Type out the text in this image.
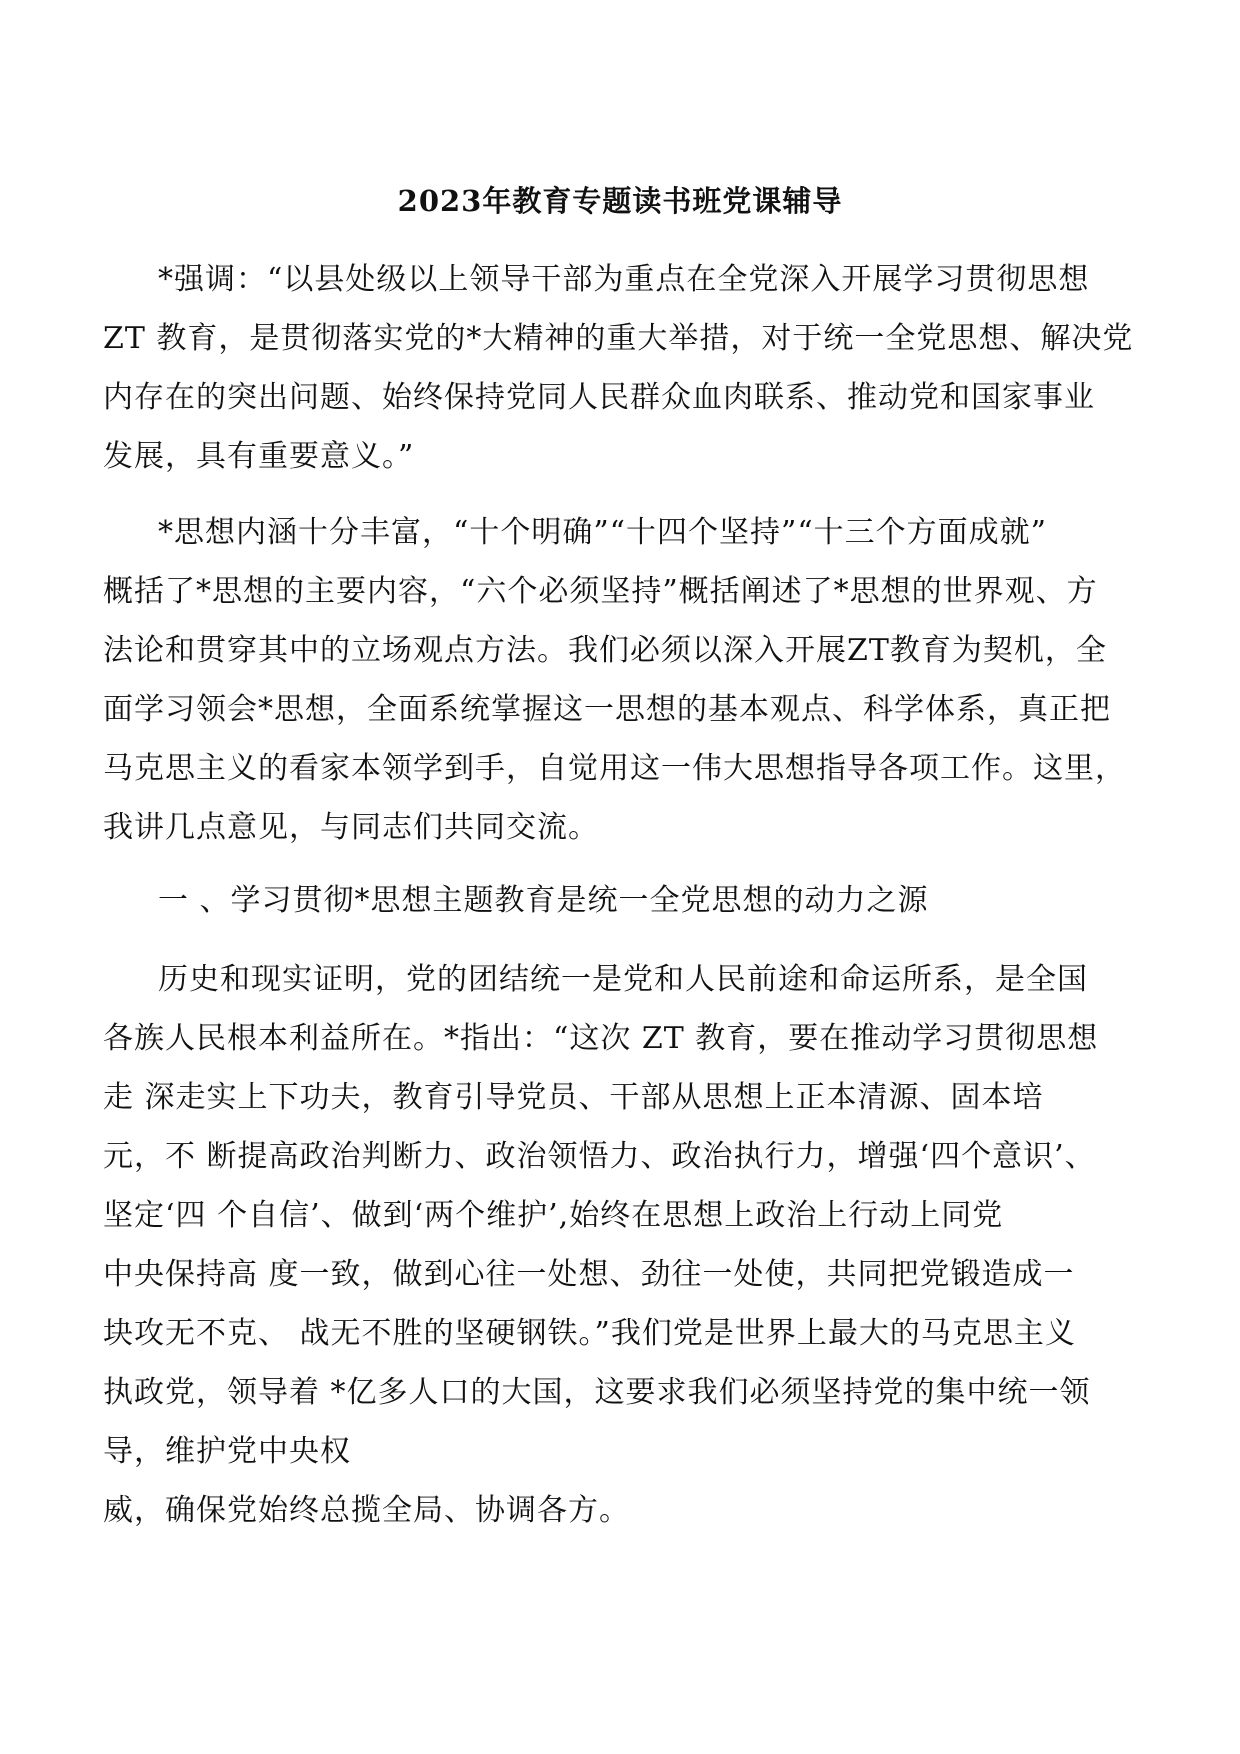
2023年教育专题读书班党课辅导
*强调：“以县处级以上领导干部为重点在全党深入开展学习贯彻思想
ZT 教育，是贯彻落实党的*大精神的重大举措，对于统一全党思想、解决党
内存在的突出问题、始终保持党同人民群众血肉联系、推动党和国家事业
发展，具有重要意义。”
*思想内涵十分丰富，“十个明确”“十四个坚持”“十三个方面成就”
概括了*思想的主要内容，“六个必须坚持”概括阐述了*思想的世界观、方
法论和贯穿其中的立场观点方法。我们必须以深入开展ZT教育为契机，全
面学习领会*思想，全面系统掌握这一思想的基本观点、科学体系，真正把
马克思主义的看家本领学到手，自觉用这一伟大思想指导各项工作。这里，
我讲几点意见，与同志们共同交流。
一 、学习贯彻*思想主题教育是统一全党思想的动力之源
历史和现实证明，党的团结统一是党和人民前途和命运所系，是全国
各族人民根本利益所在。*指出：“这次 ZT 教育，要在推动学习贯彻思想
走 深走实上下功夫，教育引导党员、干部从思想上正本清源、固本培
元，不 断提高政治判断力、政治领悟力、政治执行力，增强‘四个意识’、
坚定‘四 个自信’、做到‘两个维护’,始终在思想上政治上行动上同党
中央保持高 度一致，做到心往一处想、劲往一处使，共同把党锻造成一
块攻无不克、 战无不胜的坚硬钢铁。”我们党是世界上最大的马克思主义
执政党，领导着 *亿多人口的大国，这要求我们必须坚持党的集中统一领
导，维护党中央权
威，确保党始终总揽全局、协调各方。
